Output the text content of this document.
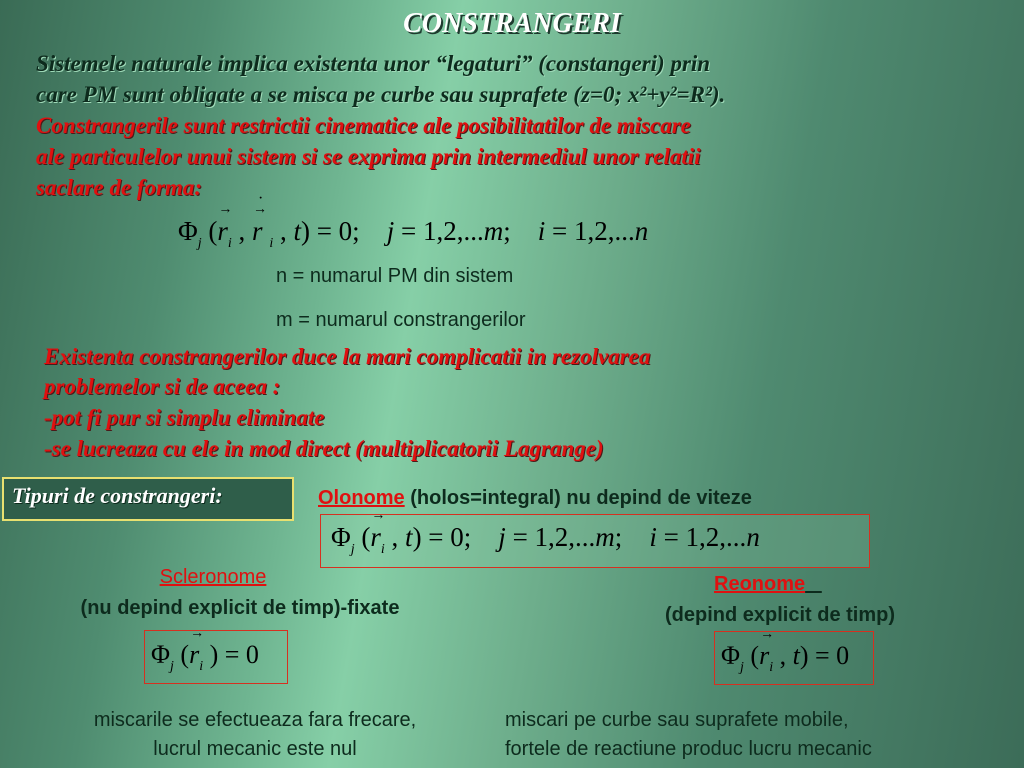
CONSTRANGERI

Sistemele naturale implica existenta unor “legaturi” (constangeri) prin

care PM sunt obligate a se misca pe curbe sau suprafete (z=0; x²+y²=R²).

Constrangerile sunt restrictii cinematice ale posibilitatilor de miscare

ale particulelor unui sistem si se exprima prin intermediul unor relatii

saclare de forma:

$\Phi_j$ (→ $r_i$ , → r · $_i$ , t) = 0;    j = 1,2,...m;    i = 1,2,...n
n = numarul PM din sistem
m = numarul constrangerilor

Existenta constrangerilor duce la mari complicatii in rezolvarea

problemelor si de aceea :

-pot fi pur si simplu eliminate

-se lucreaza cu ele in mod direct (multiplicatorii Lagrange)

Tipuri de constrangeri:	Olonome (holos=integral) nu depind de viteze
$\Phi_j$ (→ $r_i$ , t) = 0;    j = 1,2,...m;    i = 1,2,...n
Scleronome
(nu depind explicit de timp)-fixate
$\Phi_j$ (→ $r_i$ ) = 0
Reonome
(depind explicit de timp)
$\Phi_j$ (→ $r_i$ , t) = 0
miscarile se efectueaza fara frecare,
lucrul mecanic este nul
miscari pe curbe sau suprafete mobile,
fortele de reactiune produc lucru mecanic
